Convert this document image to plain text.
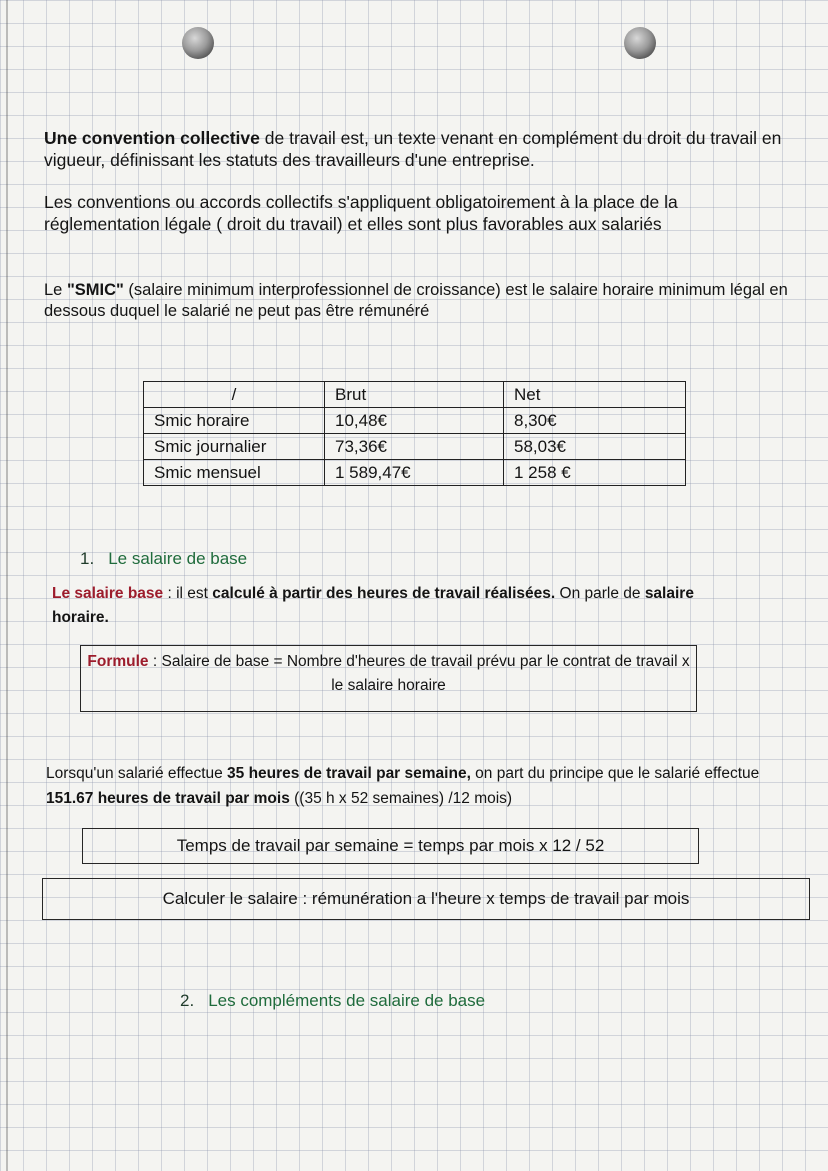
Une convention collective de travail est, un texte venant en complément du droit du travail en vigueur, définissant les statuts des travailleurs d'une entreprise.

Les conventions ou accords collectifs s'appliquent obligatoirement à la place de la réglementation légale ( droit du travail) et elles sont plus favorables aux salariés

Le "SMIC" (salaire minimum interprofessionnel de croissance) est le salaire horaire minimum légal en dessous duquel le salarié ne peut pas être rémunéré

/	Brut	Net
Smic horaire	10,48€	8,30€
Smic journalier	73,36€	58,03€
Smic mensuel	1 589,47€	1 258 €
1. Le salaire de base

Le salaire base : il est calculé à partir des heures de travail réalisées. On parle de salaire horaire.

Formule : Salaire de base = Nombre d'heures de travail prévu par le contrat de travail x le salaire horaire

Lorsqu'un salarié effectue 35 heures de travail par semaine, on part du principe que le salarié effectue 151.67 heures de travail par mois ((35 h x 52 semaines) /12 mois)

Temps de travail par semaine = temps par mois x 12 / 52
Calculer le salaire : rémunération a l'heure x temps de travail par mois
2. Les compléments de salaire de base
